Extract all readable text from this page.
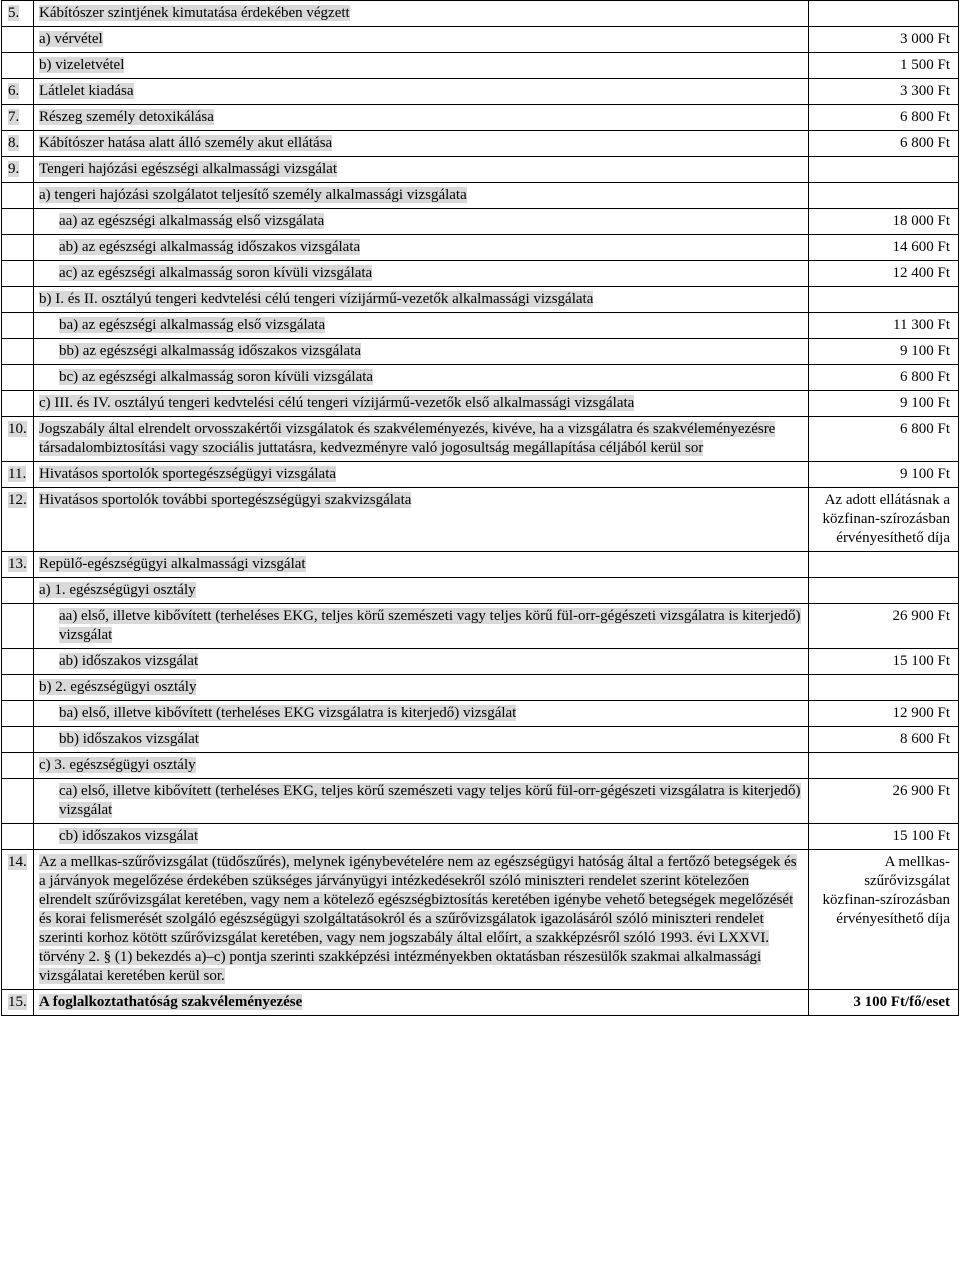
5.	Kábítószer szintjének kimutatása érdekében végzett	
	a) vérvétel	3 000 Ft
	b) vizeletvétel	1 500 Ft
6.	Látlelet kiadása	3 300 Ft
7.	Részeg személy detoxikálása	6 800 Ft
8.	Kábítószer hatása alatt álló személy akut ellátása	6 800 Ft
9.	Tengeri hajózási egészségi alkalmassági vizsgálat	
	a) tengeri hajózási szolgálatot teljesítő személy alkalmassági vizsgálata	
	aa) az egészségi alkalmasság első vizsgálata	18 000 Ft
	ab) az egészségi alkalmasság időszakos vizsgálata	14 600 Ft
	ac) az egészségi alkalmasság soron kívüli vizsgálata	12 400 Ft
	b) I. és II. osztályú tengeri kedvtelési célú tengeri vízijármű-vezetők alkalmassági vizsgálata	
	ba) az egészségi alkalmasság első vizsgálata	11 300 Ft
	bb) az egészségi alkalmasság időszakos vizsgálata	9 100 Ft
	bc) az egészségi alkalmasság soron kívüli vizsgálata	6 800 Ft
	c) III. és IV. osztályú tengeri kedvtelési célú tengeri vízijármű-vezetők első alkalmassági vizsgálata	9 100 Ft
10.	Jogszabály által elrendelt orvosszakértői vizsgálatok és szakvéleményezés, kivéve, ha a vizsgálatra és szakvéleményezésre társadalombiztosítási vagy szociális juttatásra, kedvezményre való jogosultság megállapítása céljából kerül sor	6 800 Ft
11.	Hivatásos sportolók sportegészségügyi vizsgálata	9 100 Ft
12.	Hivatásos sportolók további sportegészségügyi szakvizsgálata	Az adott ellátásnak a közfinan-szírozásban érvényesíthető díja
13.	Repülő-egészségügyi alkalmassági vizsgálat	
	a) 1. egészségügyi osztály	
	aa) első, illetve kibővített (terheléses EKG, teljes körű szemészeti vagy teljes körű fül-orr-gégészeti vizsgálatra is kiterjedő) vizsgálat	26 900 Ft
	ab) időszakos vizsgálat	15 100 Ft
	b) 2. egészségügyi osztály	
	ba) első, illetve kibővített (terheléses EKG vizsgálatra is kiterjedő) vizsgálat	12 900 Ft
	bb) időszakos vizsgálat	8 600 Ft
	c) 3. egészségügyi osztály	
	ca) első, illetve kibővített (terheléses EKG, teljes körű szemészeti vagy teljes körű fül-orr-gégészeti vizsgálatra is kiterjedő) vizsgálat	26 900 Ft
	cb) időszakos vizsgálat	15 100 Ft
14.	Az a mellkas-szűrővizsgálat (tüdőszűrés), melynek igénybevételére nem az egészségügyi hatóság által a fertőző betegségek és a járványok megelőzése érdekében szükséges járványügyi intézkedésekről szóló miniszteri rendelet szerint kötelezően elrendelt szűrővizsgálat keretében, vagy nem a kötelező egészségbiztosítás keretében igénybe vehető betegségek megelőzését és korai felismerését szolgáló egészségügyi szolgáltatásokról és a szűrővizsgálatok igazolásáról szóló miniszteri rendelet szerinti korhoz kötött szűrővizsgálat keretében, vagy nem jogszabály által előírt, a szakképzésről szóló 1993. évi LXXVI. törvény 2. § (1) bekezdés a)–c) pontja szerinti szakképzési intézményekben oktatásban részesülők szakmai alkalmassági vizsgálatai keretében kerül sor.	A mellkas-szűrővizsgálat közfinan-szírozásban érvényesíthető díja
15.	A foglalkoztathatóság szakvéleményezése	3 100 Ft/fő/eset
